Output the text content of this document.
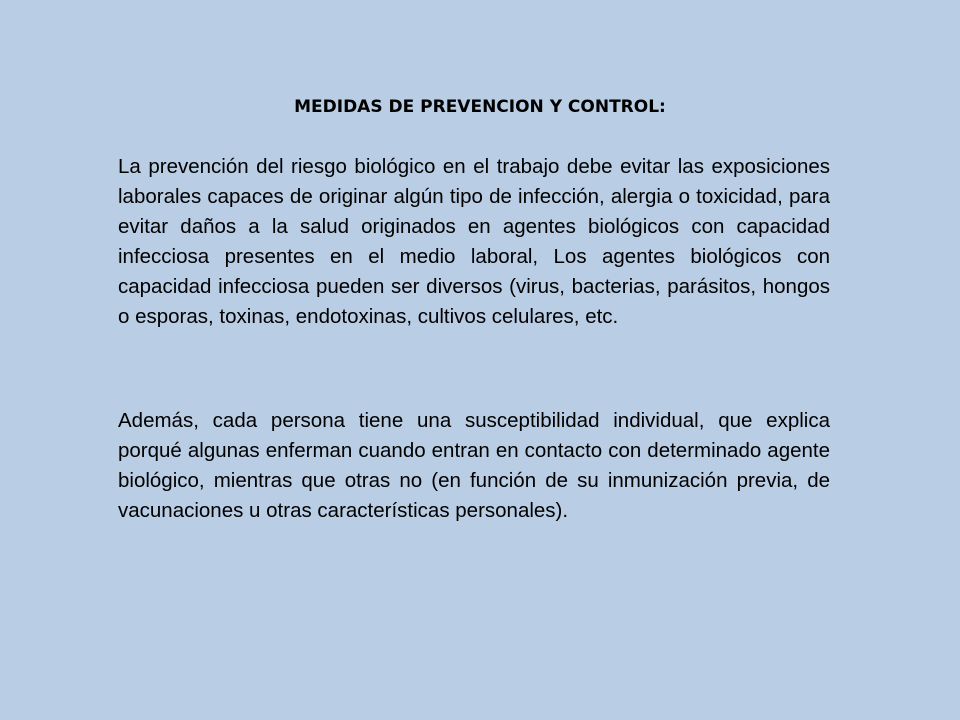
MEDIDAS DE PREVENCION Y CONTROL:

La prevención del riesgo biológico en el trabajo debe evitar las exposiciones laborales capaces de originar algún tipo de infección, alergia o toxicidad, para evitar daños a la salud originados en agentes biológicos con capacidad infecciosa presentes en el medio laboral, Los agentes biológicos con capacidad infecciosa pueden ser diversos (virus, bacterias, parásitos, hongos o esporas, toxinas, endotoxinas, cultivos celulares, etc.

Además, cada persona tiene una susceptibilidad individual, que explica porqué algunas enferman cuando entran en contacto con determinado agente biológico, mientras que otras no (en función de su inmunización previa, de vacunaciones u otras características personales).
